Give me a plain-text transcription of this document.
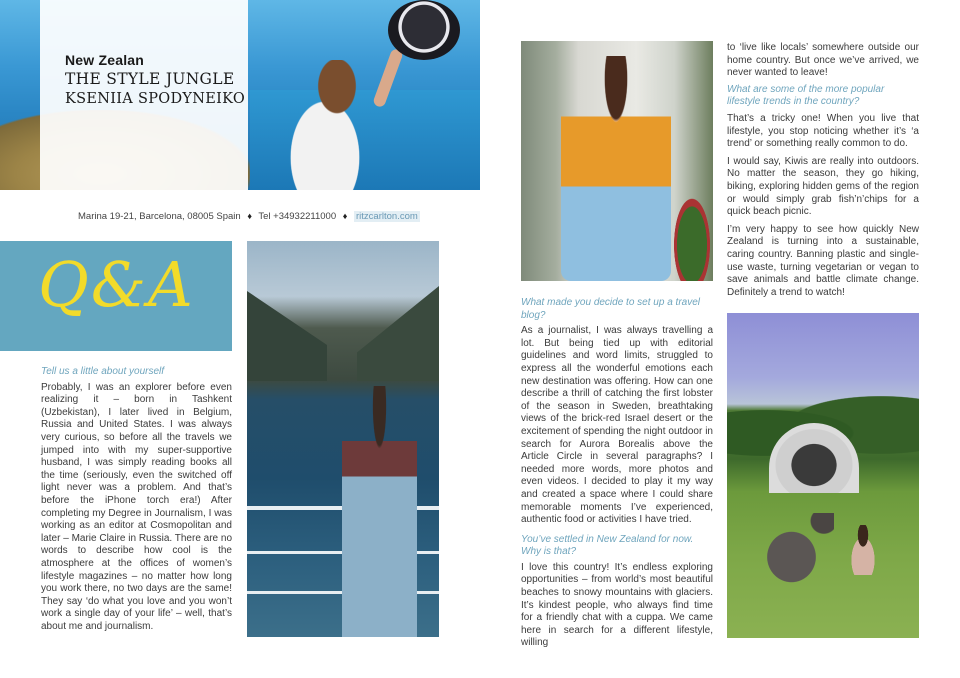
New Zealan
THE STYLE JUNGLE
KSENIIA SPODYNEIKO
Marina 19-21, Barcelona, 08005 Spain ♦ Tel +34932211000 ♦ ritzcarlton.com
Q&A
Tell us a little about yourself
Probably, I was an explorer before even realizing it – born in Tashkent (Uzbekistan), I later lived in Belgium, Russia and United States. I was always very curious, so before all the travels we jumped into with my super-supportive husband, I was simply reading books all the time (seriously, even the switched off light never was a problem. And that’s before the iPhone torch era!) After completing my Degree in Journalism, I was working as an editor at Cosmopolitan and later – Marie Claire in Russia. There are no words to describe how cool is the atmosphere at the offices of women’s lifestyle magazines – no matter how long you work there, no two days are the same! They say ‘do what you love and you won’t work a single day of your life’ – well, that’s about me and journalism.
What made you decide to set up a travel blog?
As a journalist, I was always travelling a lot. But being tied up with editorial guidelines and word limits, struggled to express all the wonderful emotions each new destination was offering. How can one describe a thrill of catching the first lobster of the season in Sweden, breathtaking views of the brick-red Israel desert or the excitement of spending the night outdoor in search for Aurora Borealis above the Article Circle in several paragraphs? I needed more words, more photos and even videos. I decided to play it my way and created a space where I could share memorable moments I’ve experienced, authentic food or activities I have tried.
You’ve settled in New Zealand for now. Why is that?
I love this country! It’s endless exploring opportunities – from world’s most beautiful beaches to snowy mountains with glaciers. It’s kindest people, who always find time for a friendly chat with a cuppa. We came here in search for a different lifestyle, willing
to ‘live like locals’ somewhere outside our home country. But once we’ve arrived, we never wanted to leave!
What are some of the more popular lifestyle trends in the country?
That’s a tricky one! When you live that lifestyle, you stop noticing whether it’s ‘a trend’ or something really common to do.
I would say, Kiwis are really into outdoors. No matter the season, they go hiking, biking, exploring hidden gems of the region or would simply grab fish’n’chips for a quick beach picnic.
I’m very happy to see how quickly New Zealand is turning into a sustainable, caring country. Banning plastic and single-use waste, turning vegetarian or vegan to save animals and battle climate change. Definitely a trend to watch!
